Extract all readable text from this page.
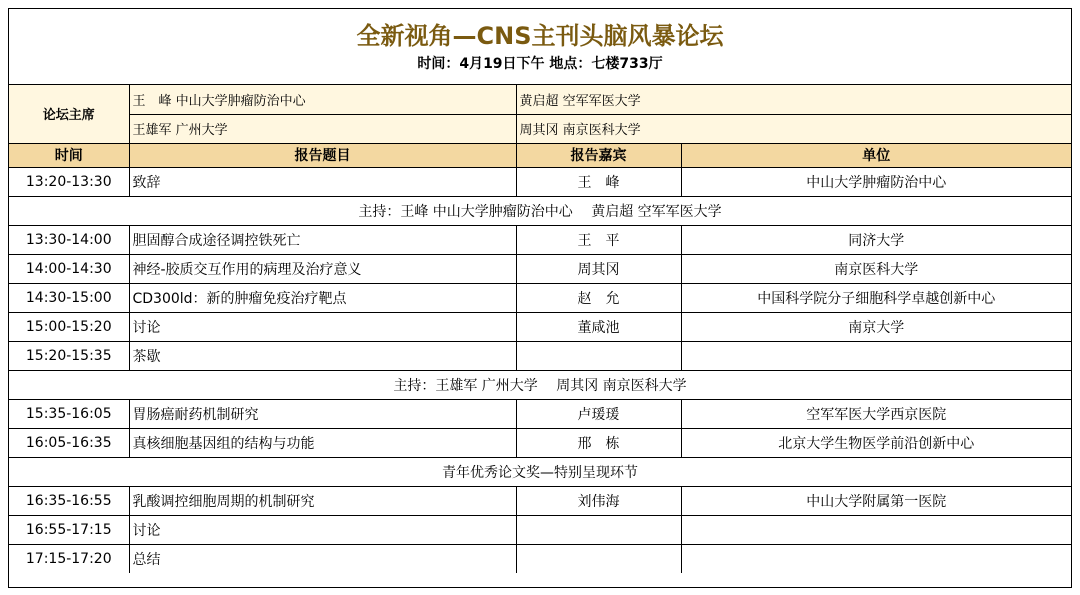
全新视角—CNS主刊头脑风暴论坛
时间：4月19日下午 地点：七楼733厅
论坛主席	王　峰 中山大学肿瘤防治中心	黄启超 空军军医大学	
	王雄军 广州大学	周其冈 南京医科大学	
时间	报告题目	报告嘉宾	单位
13:20-13:30	致辞	王　峰	中山大学肿瘤防治中心
主持：王峰 中山大学肿瘤防治中心　 黄启超 空军军医大学			
13:30-14:00	胆固醇合成途径调控铁死亡	王　平	同济大学
14:00-14:30	神经-胶质交互作用的病理及治疗意义	周其冈	南京医科大学
14:30-15:00	CD300ld：新的肿瘤免疫治疗靶点	赵　允	中国科学院分子细胞科学卓越创新中心
15:00-15:20	讨论	董咸池	南京大学
15:20-15:35	茶歇		
主持：王雄军 广州大学　 周其冈 南京医科大学			
15:35-16:05	胃肠癌耐药机制研究	卢瑗瑗	空军军医大学西京医院
16:05-16:35	真核细胞基因组的结构与功能	邢　栋	北京大学生物医学前沿创新中心
青年优秀论文奖—特别呈现环节			
16:35-16:55	乳酸调控细胞周期的机制研究	刘伟海	中山大学附属第一医院
16:55-17:15	讨论		
17:15-17:20	总结		
